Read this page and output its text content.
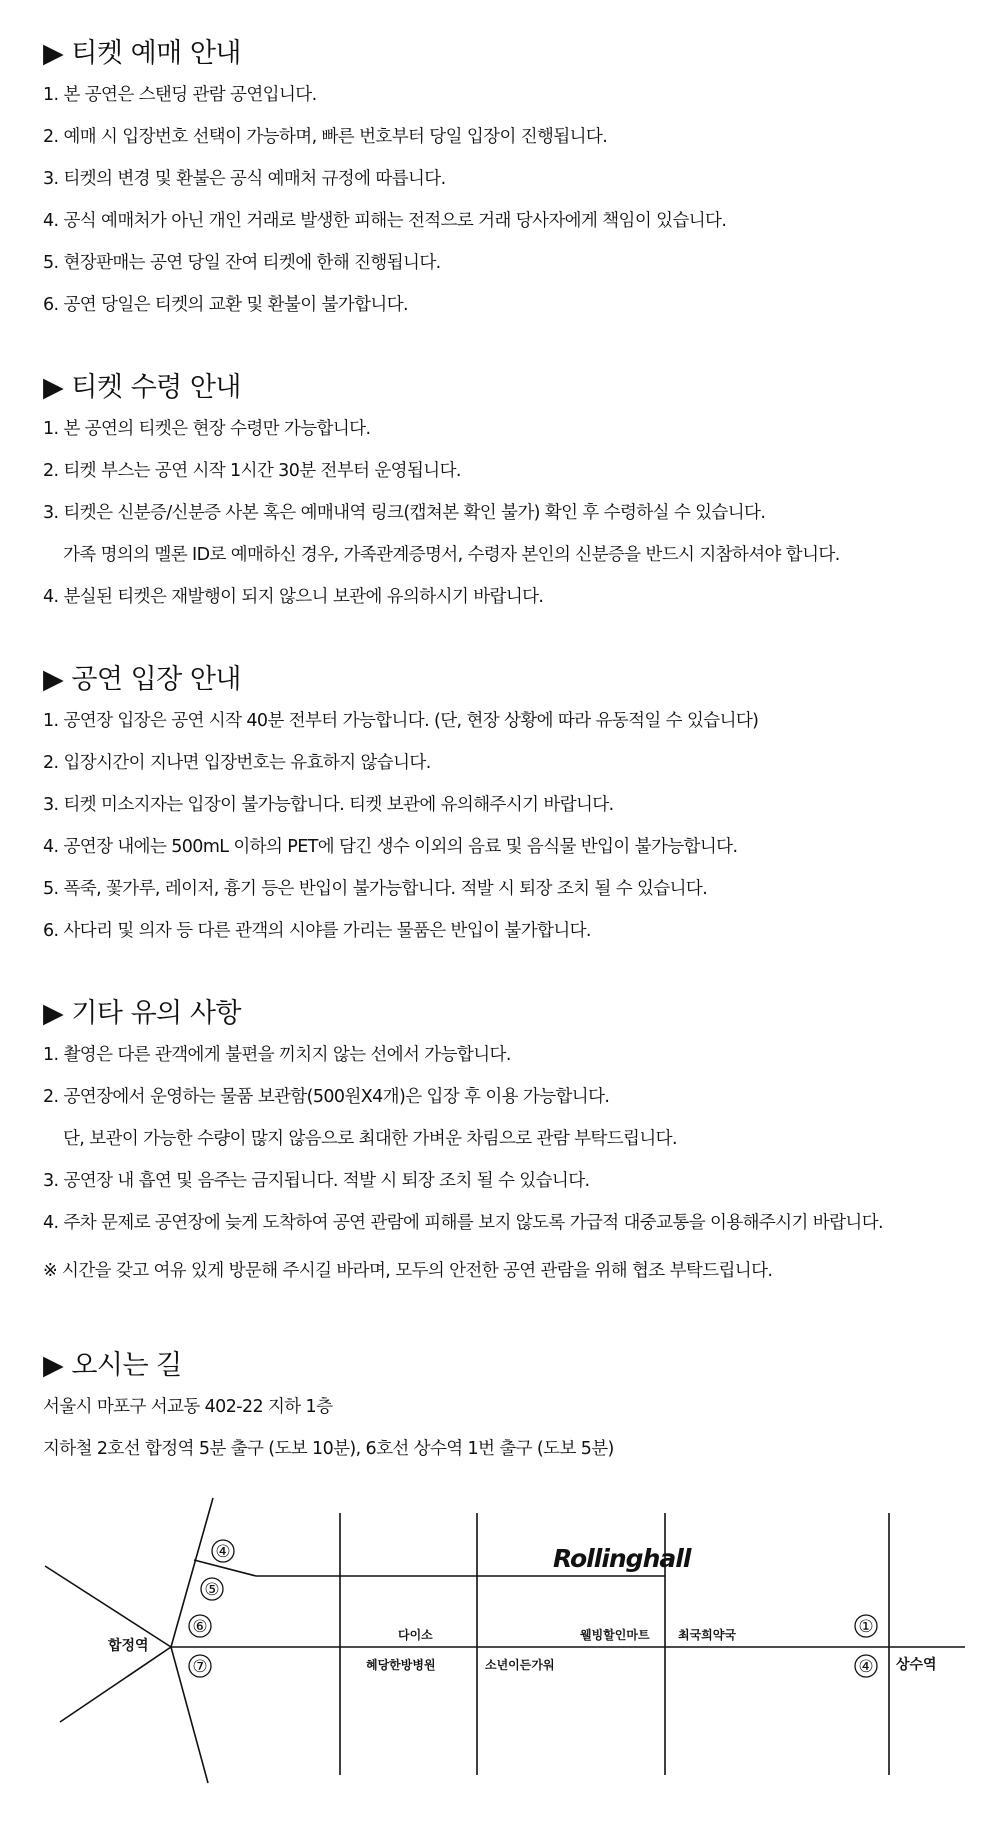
▶ 티켓 예매 안내
1. 본 공연은 스탠딩 관람 공연입니다.
2. 예매 시 입장번호 선택이 가능하며, 빠른 번호부터 당일 입장이 진행됩니다.
3. 티켓의 변경 및 환불은 공식 예매처 규정에 따릅니다.
4. 공식 예매처가 아닌 개인 거래로 발생한 피해는 전적으로 거래 당사자에게 책임이 있습니다.
5. 현장판매는 공연 당일 잔여 티켓에 한해 진행됩니다.
6. 공연 당일은 티켓의 교환 및 환불이 불가합니다.
▶ 티켓 수령 안내
1. 본 공연의 티켓은 현장 수령만 가능합니다.
2. 티켓 부스는 공연 시작 1시간 30분 전부터 운영됩니다.
3. 티켓은 신분증/신분증 사본 혹은 예매내역 링크(캡쳐본 확인 불가) 확인 후 수령하실 수 있습니다.
가족 명의의 멜론 ID로 예매하신 경우, 가족관계증명서, 수령자 본인의 신분증을 반드시 지참하셔야 합니다.
4. 분실된 티켓은 재발행이 되지 않으니 보관에 유의하시기 바랍니다.
▶ 공연 입장 안내
1. 공연장 입장은 공연 시작 40분 전부터 가능합니다. (단, 현장 상황에 따라 유동적일 수 있습니다)
2. 입장시간이 지나면 입장번호는 유효하지 않습니다.
3. 티켓 미소지자는 입장이 불가능합니다. 티켓 보관에 유의해주시기 바랍니다.
4. 공연장 내에는 500mL 이하의 PET에 담긴 생수 이외의 음료 및 음식물 반입이 불가능합니다.
5. 폭죽, 꽃가루, 레이저, 흉기 등은 반입이 불가능합니다. 적발 시 퇴장 조치 될 수 있습니다.
6. 사다리 및 의자 등 다른 관객의 시야를 가리는 물품은 반입이 불가합니다.
▶ 기타 유의 사항
1. 촬영은 다른 관객에게 불편을 끼치지 않는 선에서 가능합니다.
2. 공연장에서 운영하는 물품 보관함(500원X4개)은 입장 후 이용 가능합니다.
단, 보관이 가능한 수량이 많지 않음으로 최대한 가벼운 차림으로 관람 부탁드립니다.
3. 공연장 내 흡연 및 음주는 금지됩니다. 적발 시 퇴장 조치 될 수 있습니다.
4. 주차 문제로 공연장에 늦게 도착하여 공연 관람에 피해를 보지 않도록 가급적 대중교통을 이용해주시기 바랍니다.
※ 시간을 갖고 여유 있게 방문해 주시길 바라며, 모두의 안전한 공연 관람을 위해 협조 부탁드립니다.
▶ 오시는 길
서울시 마포구 서교동 402-22 지하 1층
지하철 2호선 합정역 5분 출구 (도보 10분), 6호선 상수역 1번 출구 (도보 5분)
④
⑤
⑥
⑦
①
④
합정역
상수역
Rollinghall
다이소
혜당한방병원	소년이든가워
웰빙할인마트 최국희약국
